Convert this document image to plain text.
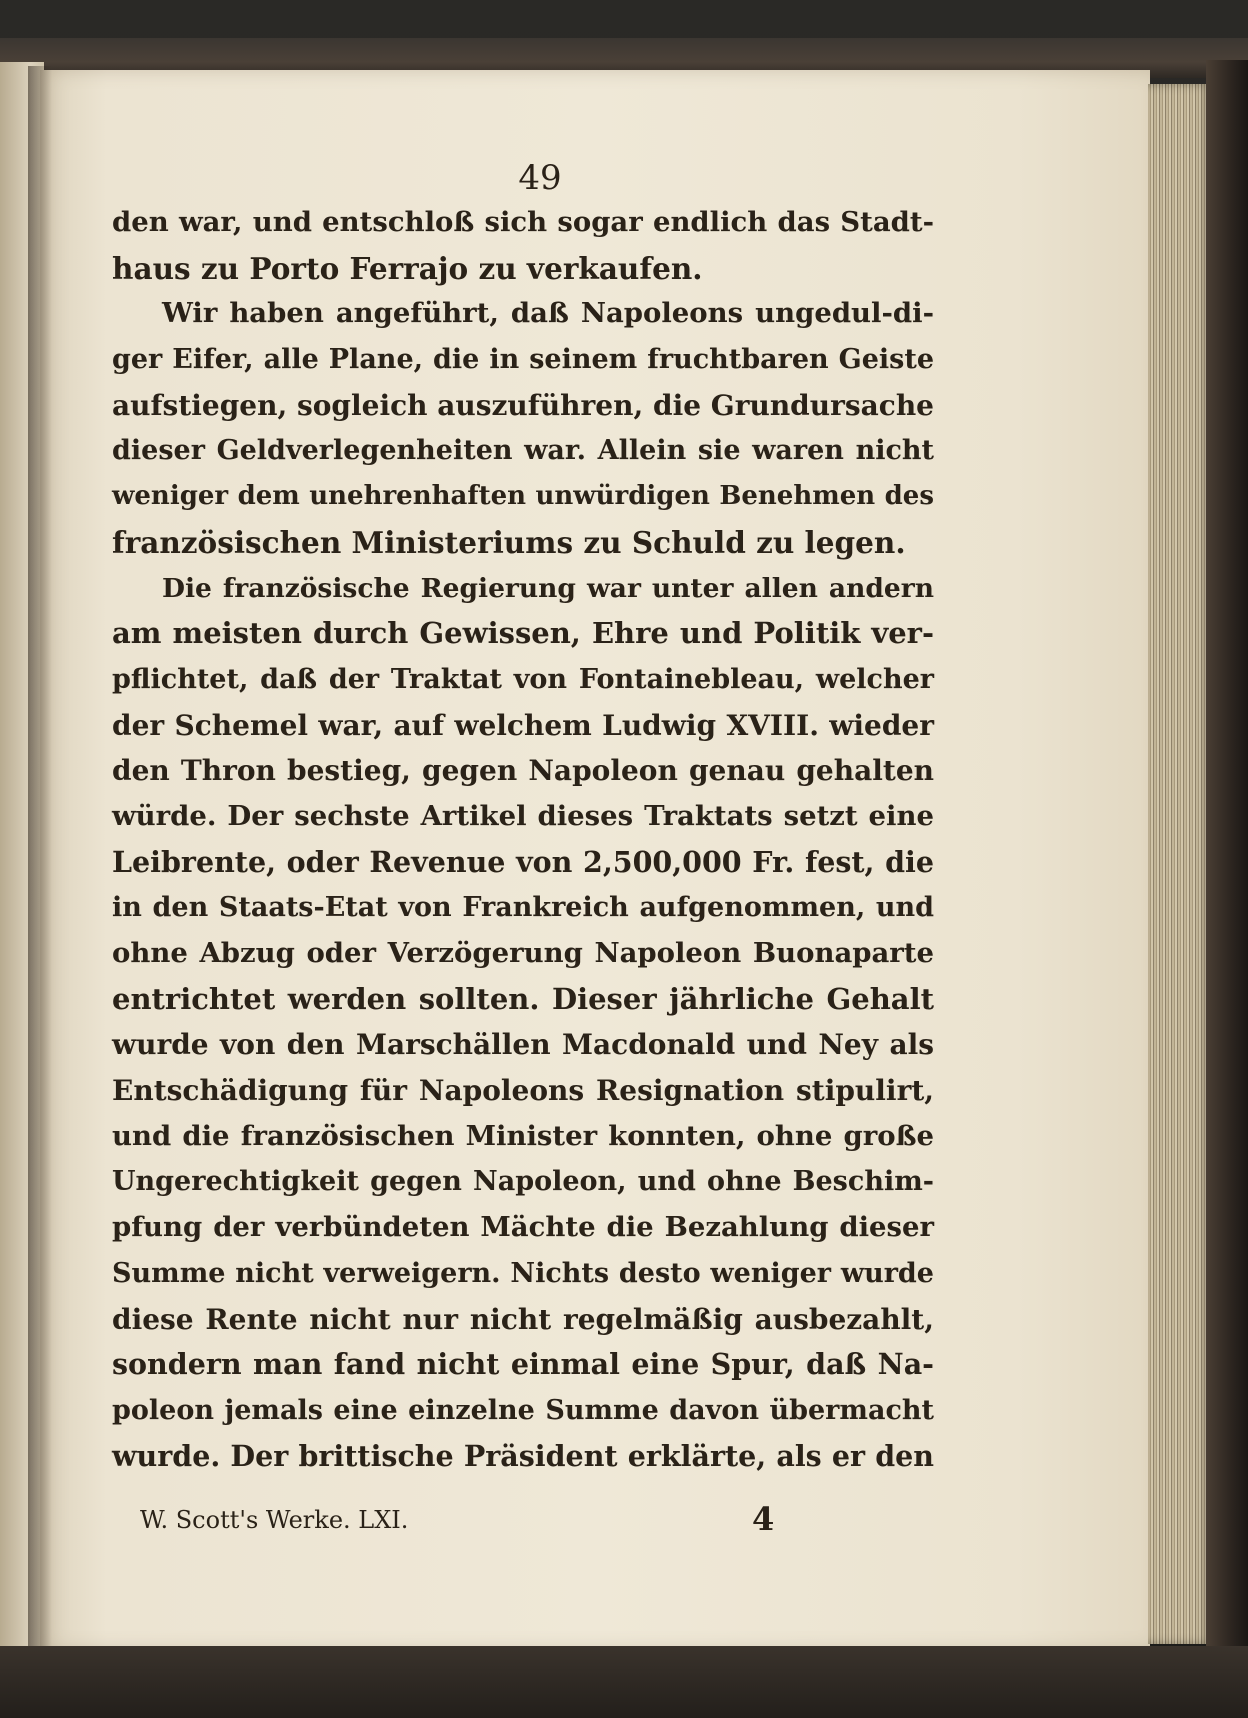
49
den war, und entschloß sich sogar endlich das Stadt-
haus zu Porto Ferrajo zu verkaufen.
Wir haben angeführt, daß Napoleons ungedul-di-
ger Eifer, alle Plane, die in seinem fruchtbaren Geiste
aufstiegen, sogleich auszuführen, die Grundursache
dieser Geldverlegenheiten war. Allein sie waren nicht
weniger dem unehrenhaften unwürdigen Benehmen des
französischen Ministeriums zu Schuld zu legen.
Die französische Regierung war unter allen andern
am meisten durch Gewissen, Ehre und Politik ver-
pflichtet, daß der Traktat von Fontainebleau, welcher
der Schemel war, auf welchem Ludwig XVIII. wieder
den Thron bestieg, gegen Napoleon genau gehalten
würde. Der sechste Artikel dieses Traktats setzt eine
Leibrente, oder Revenue von 2,500,000 Fr. fest, die
in den Staats-Etat von Frankreich aufgenommen, und
ohne Abzug oder Verzögerung Napoleon Buonaparte
entrichtet werden sollten. Dieser jährliche Gehalt
wurde von den Marschällen Macdonald und Ney als
Entschädigung für Napoleons Resignation stipulirt,
und die französischen Minister konnten, ohne große
Ungerechtigkeit gegen Napoleon, und ohne Beschim-
pfung der verbündeten Mächte die Bezahlung dieser
Summe nicht verweigern. Nichts desto weniger wurde
diese Rente nicht nur nicht regelmäßig ausbezahlt,
sondern man fand nicht einmal eine Spur, daß Na-
poleon jemals eine einzelne Summe davon übermacht
wurde. Der brittische Präsident erklärte, als er den
W. Scott's Werke. LXI.	4
